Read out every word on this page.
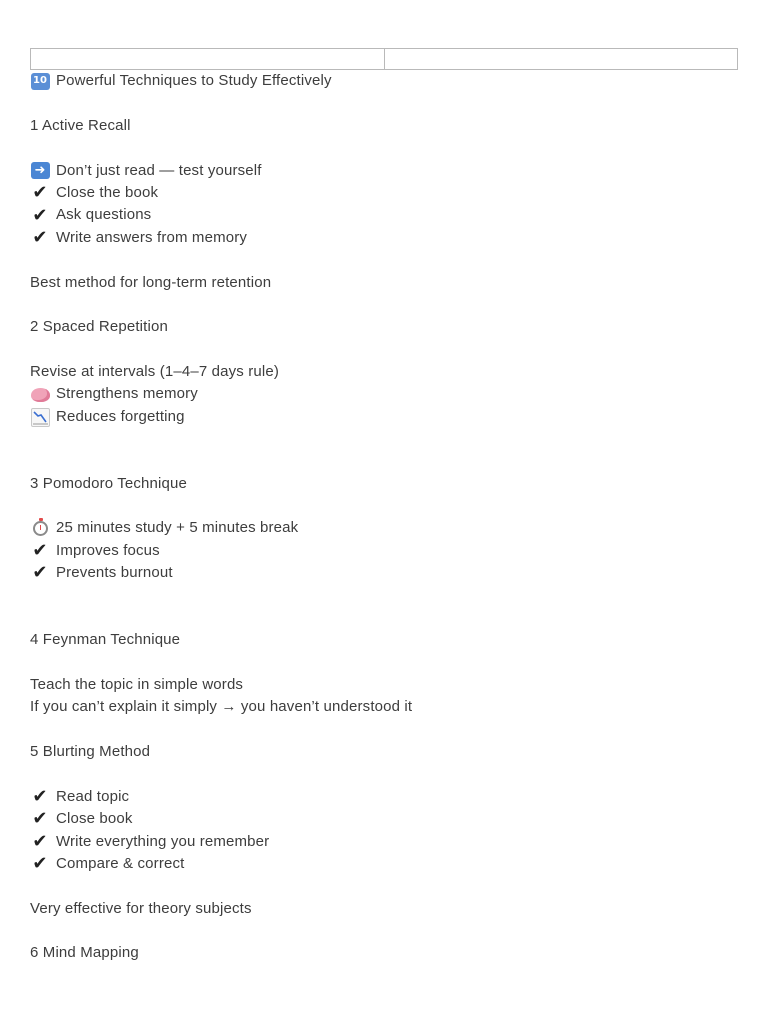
10 Powerful Techniques to Study Effectively
1 Active Recall
➜ Don’t just read — test yourself
✔ Close the book
✔ Ask questions
✔ Write answers from memory
Best method for long-term retention
2 Spaced Repetition
Revise at intervals (1–4–7 days rule)
Strengthens memory
Reduces forgetting
3 Pomodoro Technique
25 minutes study + 5 minutes break
✔ Improves focus
✔ Prevents burnout
4 Feynman Technique
Teach the topic in simple words
If you can’t explain it simply → you haven’t understood it
5 Blurting Method
✔ Read topic
✔ Close book
✔ Write everything you remember
✔ Compare & correct
Very effective for theory subjects
6 Mind Mapping
